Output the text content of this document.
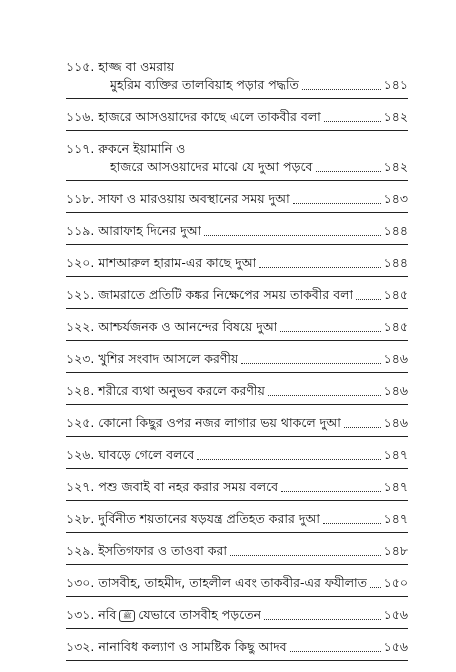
১১৫. হাজ্জ বা ওমরায়
মুহরিম ব্যক্তির তালবিয়াহ পড়ার পদ্ধতি	১৪১
১১৬. হাজরে আসওয়াদের কাছে এলে তাকবীর বলা	১৪২
১১৭. রুকনে ইয়ামানি ও
হাজরে আসওয়াদের মাঝে যে দুআ পড়বে	১৪২
১১৮. সাফা ও মারওয়ায় অবস্থানের সময় দুআ	১৪৩
১১৯. আরাফাহ দিনের দুআ	১৪৪
১২০. মাশআরুল হারাম-এর কাছে দুআ	১৪৪
১২১. জামরাতে প্রতিটি কঙ্কর নিক্ষেপের সময় তাকবীর বলা ১৪৫
১২২. আশ্চর্যজনক ও আনন্দের বিষয়ে দুআ	১৪৫
১২৩. খুশির সংবাদ আসলে করণীয়	১৪৬
১২৪. শরীরে ব্যথা অনুভব করলে করণীয়	১৪৬
১২৫. কোনো কিছুর ওপর নজর লাগার ভয় থাকলে দুআ	১৪৬
১২৬. ঘাবড়ে গেলে বলবে	১৪৭
১২৭. পশু জবাই বা নহর করার সময় বলবে	১৪৭
১২৮. দুর্বিনীত শয়তানের ষড়যন্ত্র প্রতিহত করার দুআ	১৪৭
১২৯. ইসতিগফার ও তাওবা করা	১৪৮
১৩০. তাসবীহ, তাহমীদ, তাহলীল এবং তাকবীর-এর ফযীলাত ১৫০
১৩১. নবি ﷺ যেভাবে তাসবীহ পড়তেন	১৫৬
১৩২. নানাবিধ কল্যাণ ও সামষ্টিক কিছু আদব	১৫৬
